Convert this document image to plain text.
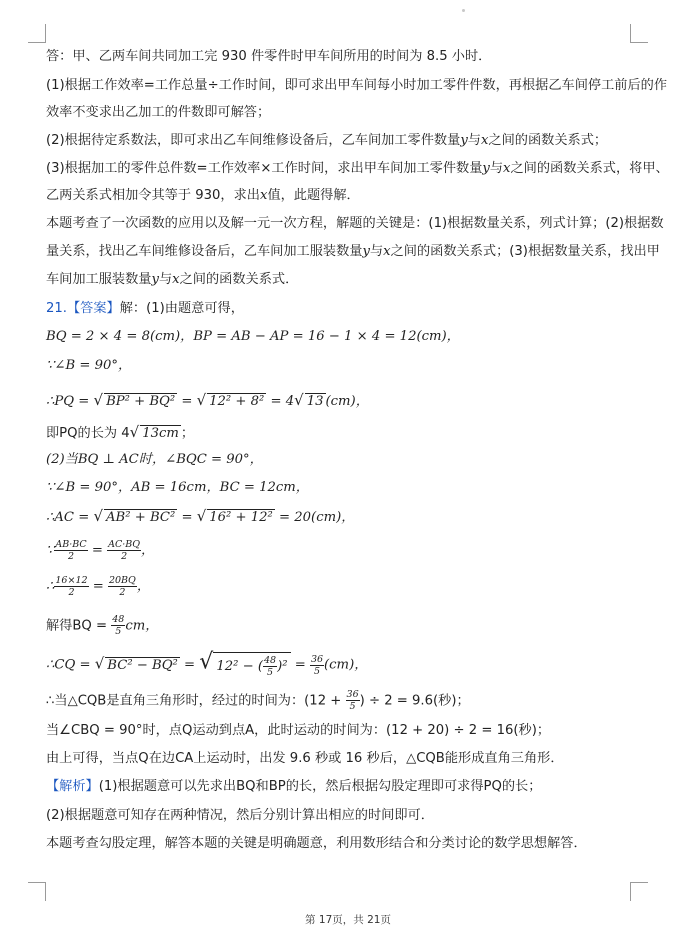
答：甲、乙两车间共同加工完 930 件零件时甲车间所用的时间为 8.5 小时．
(1)根据工作效率=工作总量÷工作时间，即可求出甲车间每小时加工零件件数，再根据乙车间停工前后的作
效率不变求出乙加工的件数即可解答；
(2)根据待定系数法，即可求出乙车间维修设备后，乙车间加工零件数量y与x之间的函数关系式；
(3)根据加工的零件总件数=工作效率×工作时间，求出甲车间加工零件数量y与x之间的函数关系式，将甲、
乙两关系式相加令其等于 930，求出x值，此题得解．
本题考查了一次函数的应用以及解一元一次方程，解题的关键是：(1)根据数量关系，列式计算；(2)根据数
量关系，找出乙车间维修设备后，乙车间加工服装数量y与x之间的函数关系式；(3)根据数量关系，找出甲
车间加工服装数量y与x之间的函数关系式．
21.【答案】解：(1)由题意可得，
BQ = 2 × 4 = 8(cm)，BP = AB − AP = 16 − 1 × 4 = 12(cm)，
∵∠B = 90°，
∴PQ = √ BP² + BQ² = √ 12² + 8² = 4√ 13 (cm)，
即PQ的长为 4√ 13cm ；
(2)当BQ ⊥ AC时，∠BQC = 90°，
∵∠B = 90°，AB = 16cm，BC = 12cm，
∴AC = √ AB² + BC² = √ 16² + 12² = 20(cm)，
∵ $\frac{AB\cdot BC}{2} = \frac{AC\cdot BQ}{2}$ ，
∴ $\frac{16\times 12}{2} = \frac{20BQ}{2}$ ，
解得BQ = $\frac{48}{5}$ cm，
∴CQ = √ BC² − BQ² = √ 12² − ( $\frac{48}{5} )^2 = \frac{36}{5} (cm)$，
∴当△CQB是直角三角形时，经过的时间为：($12 + \frac{36}{5}$ ) ÷ 2 = 9.6(秒)；
当∠CBQ = 90°时，点Q运动到点A，此时运动的时间为：(12 + 20) ÷ 2 = 16(秒)；
由上可得，当点Q在边CA上运动时，出发 9.6 秒或 16 秒后，△CQB能形成直角三角形．
【解析】(1)根据题意可以先求出BQ和BP的长，然后根据勾股定理即可求得PQ的长；
(2)根据题意可知存在两种情况，然后分别计算出相应的时间即可．
本题考查勾股定理，解答本题的关键是明确题意，利用数形结合和分类讨论的数学思想解答．
第 17页，共 21页
